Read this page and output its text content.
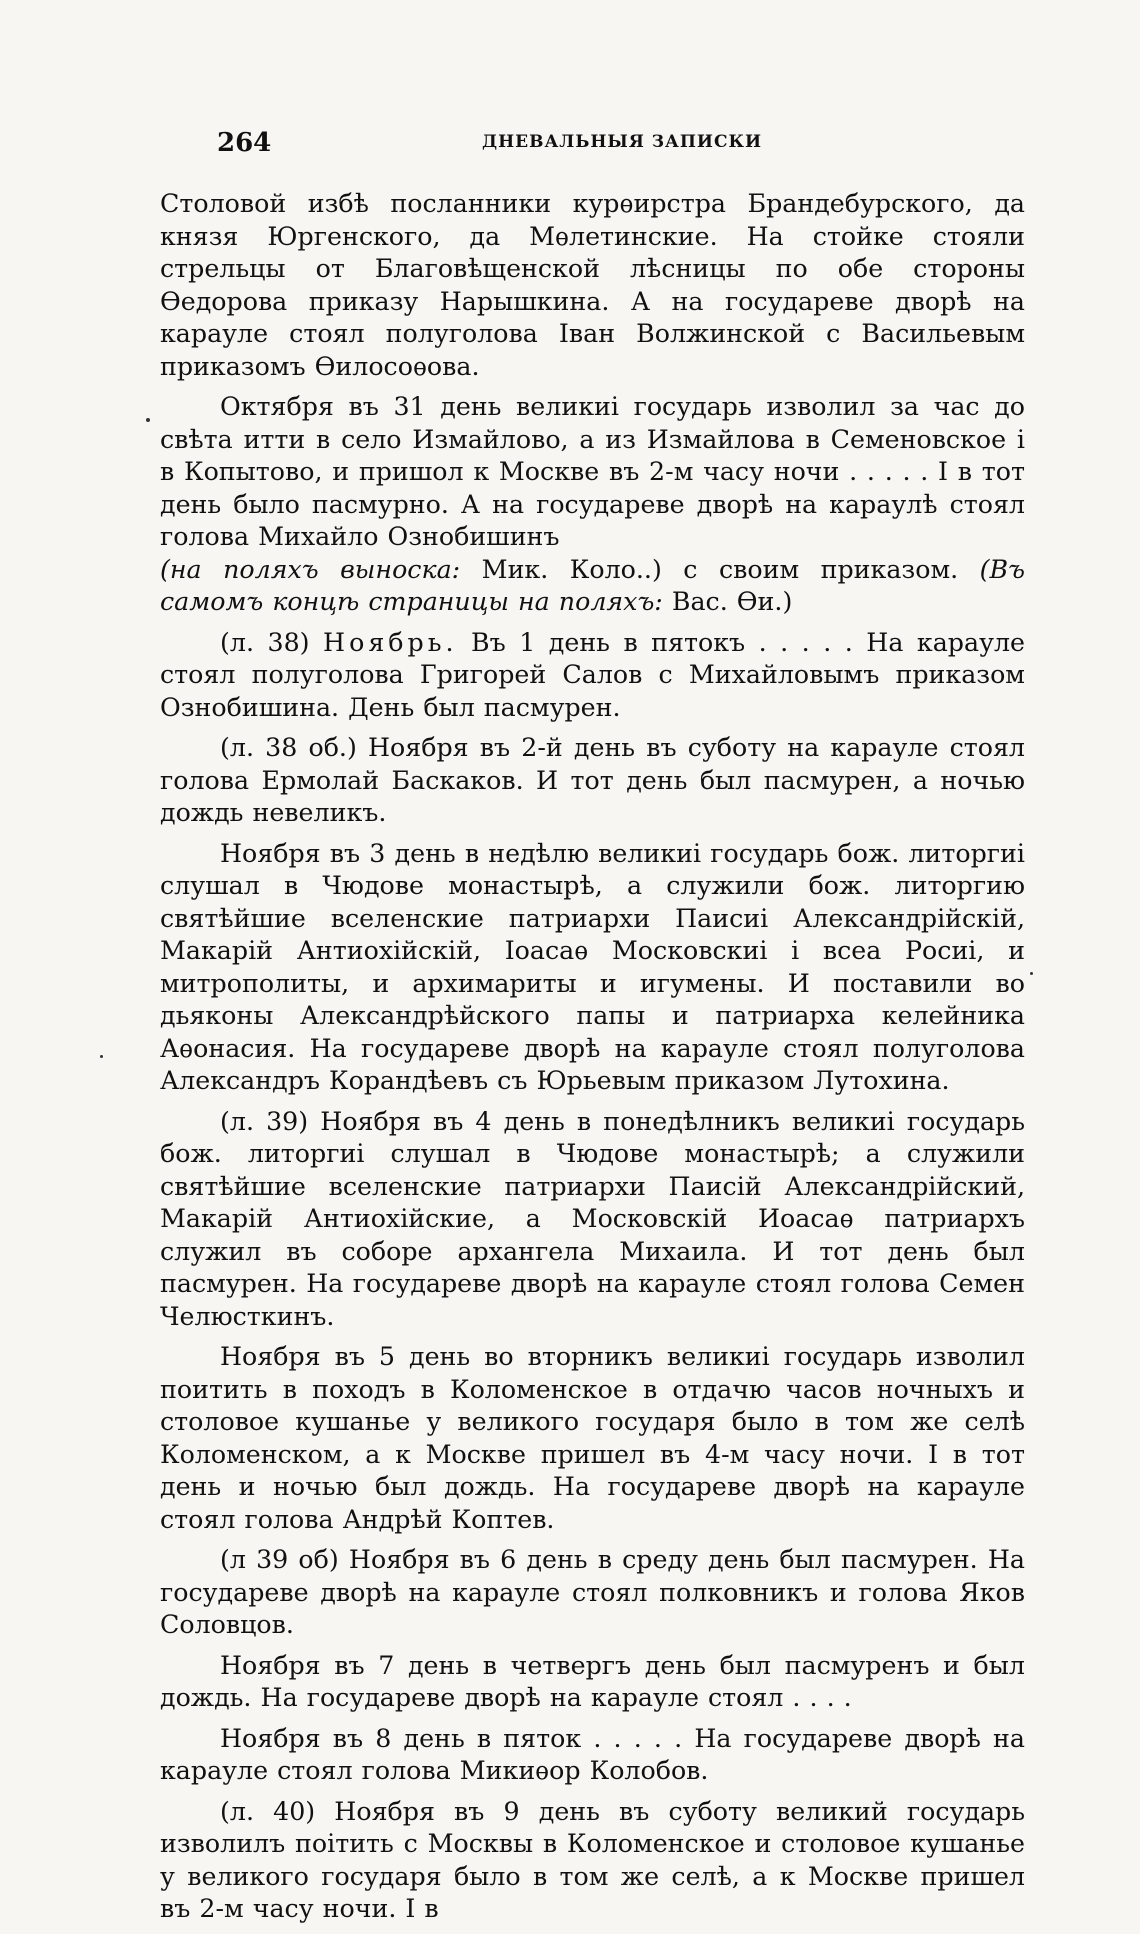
264	ДНЕВАЛЬНЫЯ ЗАПИСКИ

Столовой избѣ посланники курѳирстра Брандебурского, да князя Юргенского, да Мѳлетинские. На стойке стояли стрельцы от Благовѣщенской лѣсницы по обе стороны Ѳедорова приказу Нарышкина. А на государеве дворѣ на карауле стоял полуголова Іван Волжинской с Васильевым приказомъ Ѳилосоѳова.

Октября въ 31 день великиі государь изволил за час до свѣта итти в село Измайлово, а из Измайлова в Семеновское і в Копытово, и пришол к Москве въ 2-м часу ночи . . . . . І в тот день было пасмурно. А на государеве дворѣ на караулѣ стоял голова Михайло Ознобишинъ

(на поляхъ выноска: Мик. Коло..) с своим приказом. (Въ самомъ концѣ страницы на поляхъ: Вас. Ѳи.)

(л. 38) Ноябрь. Въ 1 день в пятокъ . . . . . На карауле стоял полуголова Григорей Салов с Михайловымъ приказом Ознобишина. День был пасмурен.

(л. 38 об.) Ноября въ 2-й день въ суботу на карауле стоял голова Ермолай Баскаков. И тот день был пасмурен, а ночью дождь невеликъ.

Ноября въ 3 день в недѣлю великиі государь бож. литоргиі слушал в Чюдове монастырѣ, а служили бож. литоргию святѣйшие вселенские патриархи Паисиі Александрійскій, Макарій Антиохійскій, Іоасаѳ Московскиі і всеа Росиі, и митрополиты, и архимариты и игумены. И поставили во дьяконы Александрѣйского папы и патриарха келейника Аѳонасия. На государеве дворѣ на карауле стоял полуголова Александръ Корандѣевъ съ Юрьевым приказом Лутохина.

(л. 39) Ноября въ 4 день в понедѣлникъ великиі государь бож. литоргиі слушал в Чюдове монастырѣ; а служили святѣйшие вселенские патриархи Паисій Александрійский, Макарій Антиохійские, а Московскій Иоасаѳ патриархъ служил въ соборе архангела Михаила. И тот день был пасмурен. На государеве дворѣ на карауле стоял голова Семен Челюсткинъ.

Ноября въ 5 день во вторникъ великиі государь изволил поитить в походъ в Коломенское в отдачю часов ночныхъ и столовое кушанье у великого государя было в том же селѣ Коломенском, а к Москве пришел въ 4-м часу ночи. І в тот день и ночью был дождь. На государеве дворѣ на карауле стоял голова Андрѣй Коптев.

(л 39 об) Ноября въ 6 день в среду день был пасмурен. На государеве дворѣ на карауле стоял полковникъ и голова Яков Соловцов.

Ноября въ 7 день в четвергъ день был пасмуренъ и был дождь. На государеве дворѣ на карауле стоял . . . .

Ноября въ 8 день в пяток . . . . . На государеве дворѣ на карауле стоял голова Микиѳор Колобов.

(л. 40) Ноября въ 9 день въ суботу великий государь изволилъ поітить с Москвы в Коломенское и столовое кушанье у великого государя было в том же селѣ, а к Москве пришел въ 2-м часу ночи. І в
